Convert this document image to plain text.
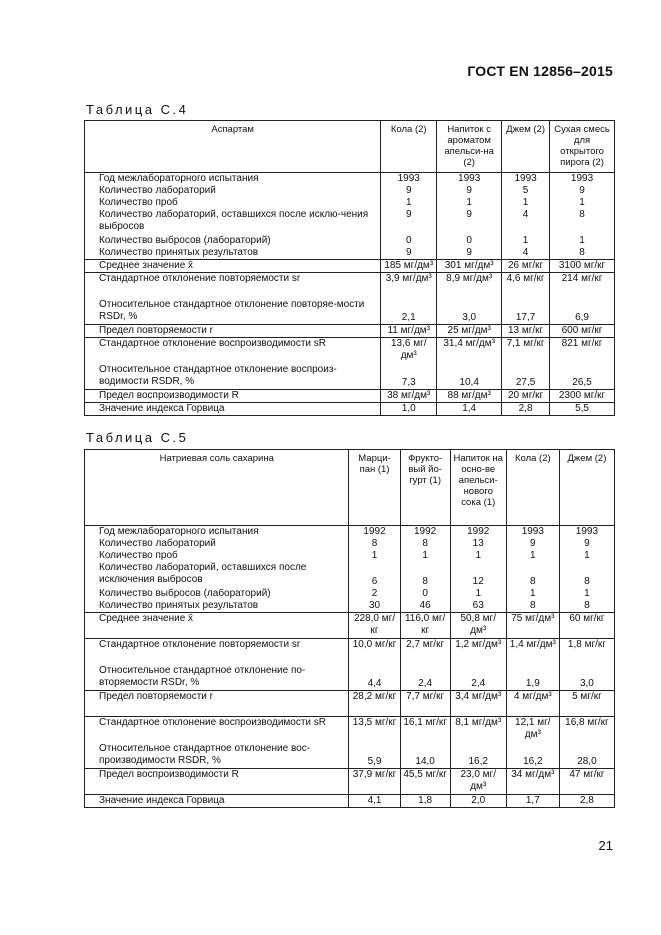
ГОСТ EN 12856–2015
Таблица С.4
Аспартам	Кола (2)	Напиток с ароматом апельси-на (2)	Джем (2)	Сухая смесь для открытого пирога (2)
Год межлабораторного испытания	1993	1993	1993	1993
Количество лабораторий	9	9	5	9
Количество проб	1	1	1	1
Количество лабораторий, оставшихся после исклю-чения выбросов	9	9	4	8
Количество выбросов (лабораторий)	0	0	1	1
Количество принятых результатов	9	9	4	8
Среднее значение x̄	185 мг/дм³	301 мг/дм³	26 мг/кг	3100 мг/кг
Стандартное отклонение повторяемости sr	3,9 мг/дм³	8,9 мг/дм³	4,6 мг/кг	214 мг/кг
Относительное стандартное отклонение повторяе-мости RSDr, %	2,1	3,0	17,7	6,9
Предел повторяемости r	11 мг/дм³	25 мг/дм³	13 мг/кг	600 мг/кг
Стандартное отклонение воспроизводимости sR	13,6 мг/дм³	31,4 мг/дм³	7,1 мг/кг	821 мг/кг
Относительное стандартное отклонение воспроиз-водимости RSDR, %	7,3	10,4	27,5	26,5
Предел воспроизводимости R	38 мг/дм³	88 мг/дм³	20 мг/кг	2300 мг/кг
Значение индекса Горвица	1,0	1,4	2,8	5,5
Таблица С.5
Натриевая соль сахарина	Марци-пан (1)	Фрукто-вый йо-гурт (1)	Напиток на осно-ве апельси-нового сока (1)	Кола (2)	Джем (2)
Год межлабораторного испытания	1992	1992	1992	1993	1993
Количество лабораторий	8	8	13	9	9
Количество проб	1	1	1	1	1
Количество лабораторий, оставшихся после исключения выбросов	6	8	12	8	8
Количество выбросов (лабораторий)	2	0	1	1	1
Количество принятых результатов	30	46	63	8	8
Среднее значение x̄	228,0 мг/кг	116,0 мг/кг	50,8 мг/дм³	75 мг/дм³	60 мг/кг
Стандартное отклонение повторяемости sr	10,0 мг/кг	2,7 мг/кг	1,2 мг/дм³	1,4 мг/дм³	1,8 мг/кг
Относительное стандартное отклонение по-вторяемости RSDr, %	4,4	2,4	2,4	1,9	3,0
Предел повторяемости r	28,2 мг/кг	7,7 мг/кг	3,4 мг/дм³	4 мг/дм³	5 мг/кг
Стандартное отклонение воспроизводимости sR	13,5 мг/кг	16,1 мг/кг	8,1 мг/дм³	12,1 мг/дм³	16,8 мг/кг
Относительное стандартное отклонение вос-производимости RSDR, %	5,9	14,0	16,2	16,2	28,0
Предел воспроизводимости R	37,9 мг/кг	45,5 мг/кг	23,0 мг/дм³	34 мг/дм³	47 мг/кг
Значение индекса Горвица	4,1	1,8	2,0	1,7	2,8
21
